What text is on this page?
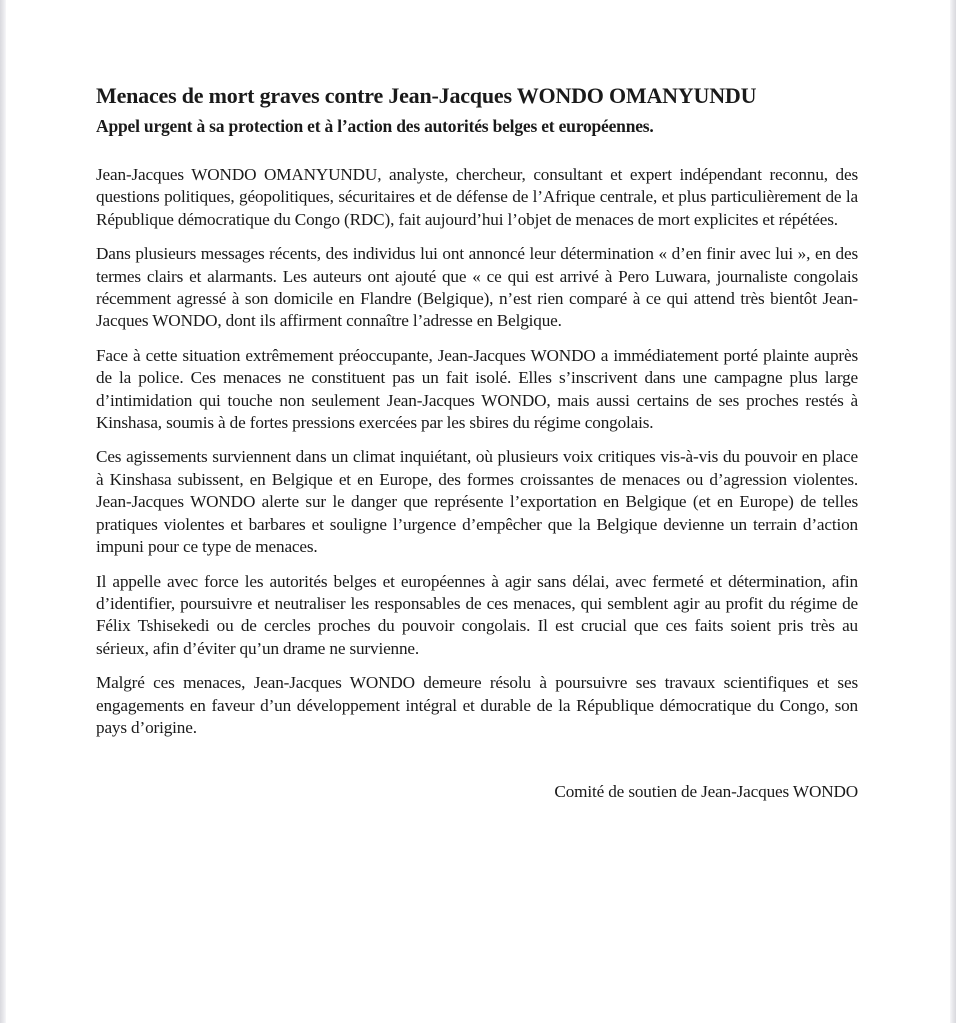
Menaces de mort graves contre Jean-Jacques WONDO OMANYUNDU
Appel urgent à sa protection et à l’action des autorités belges et européennes.

Jean-Jacques WONDO OMANYUNDU, analyste, chercheur, consultant et expert indépendant reconnu, des questions politiques, géopolitiques, sécuritaires et de défense de l’Afrique centrale, et plus particulièrement de la République démocratique du Congo (RDC), fait aujourd’hui l’objet de menaces de mort explicites et répétées.

Dans plusieurs messages récents, des individus lui ont annoncé leur détermination « d’en finir avec lui », en des termes clairs et alarmants. Les auteurs ont ajouté que « ce qui est arrivé à Pero Luwara, journaliste congolais récemment agressé à son domicile en Flandre (Belgique), n’est rien comparé à ce qui attend très bientôt Jean-Jacques WONDO, dont ils affirment connaître l’adresse en Belgique.

Face à cette situation extrêmement préoccupante, Jean-Jacques WONDO a immédiatement porté plainte auprès de la police. Ces menaces ne constituent pas un fait isolé. Elles s’inscrivent dans une campagne plus large d’intimidation qui touche non seulement Jean-Jacques WONDO, mais aussi certains de ses proches restés à Kinshasa, soumis à de fortes pressions exercées par les sbires du régime congolais.

Ces agissements surviennent dans un climat inquiétant, où plusieurs voix critiques vis-à-vis du pouvoir en place à Kinshasa subissent, en Belgique et en Europe, des formes croissantes de menaces ou d’agression violentes. Jean-Jacques WONDO alerte sur le danger que représente l’exportation en Belgique (et en Europe) de telles pratiques violentes et barbares et souligne l’urgence d’empêcher que la Belgique devienne un terrain d’action impuni pour ce type de menaces.

Il appelle avec force les autorités belges et européennes à agir sans délai, avec fermeté et détermination, afin d’identifier, poursuivre et neutraliser les responsables de ces menaces, qui semblent agir au profit du régime de Félix Tshisekedi ou de cercles proches du pouvoir congolais. Il est crucial que ces faits soient pris très au sérieux, afin d’éviter qu’un drame ne survienne.

Malgré ces menaces, Jean-Jacques WONDO demeure résolu à poursuivre ses travaux scientifiques et ses engagements en faveur d’un développement intégral et durable de la République démocratique du Congo, son pays d’origine.

Comité de soutien de Jean-Jacques WONDO
